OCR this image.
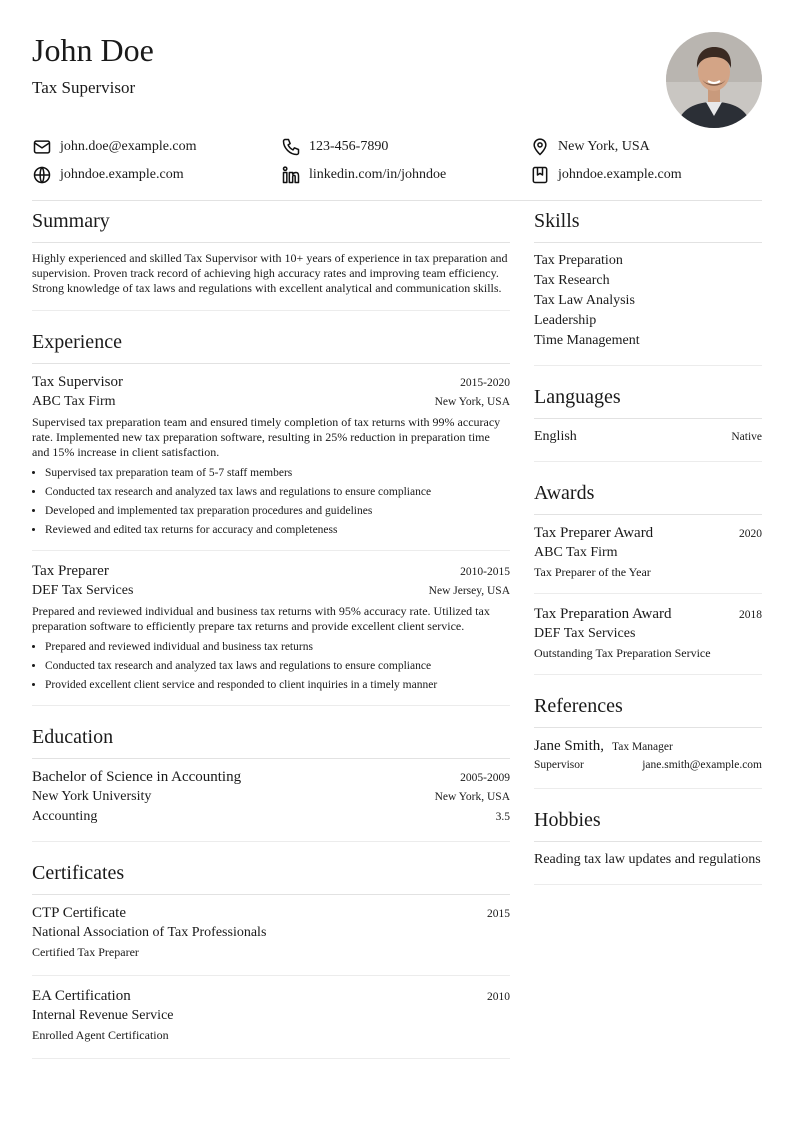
John Doe
Tax Supervisor
john.doe@example.com	123-456-7890	New York, USA
johndoe.example.com	linkedin.com/in/johndoe	johndoe.example.com
Summary

Highly experienced and skilled Tax Supervisor with 10+ years of experience in tax preparation and supervision. Proven track record of achieving high accuracy rates and improving team efficiency. Strong knowledge of tax laws and regulations with excellent analytical and communication skills.

Experience
Tax Supervisor	2015-2020
ABC Tax Firm	New York, USA

Supervised tax preparation team and ensured timely completion of tax returns with 99% accuracy rate. Implemented new tax preparation software, resulting in 25% reduction in preparation time and 15% increase in client satisfaction.

• Supervised tax preparation team of 5-7 staff members
• Conducted tax research and analyzed tax laws and regulations to ensure compliance
• Developed and implemented tax preparation procedures and guidelines
• Reviewed and edited tax returns for accuracy and completeness
Tax Preparer	2010-2015
DEF Tax Services	New Jersey, USA

Prepared and reviewed individual and business tax returns with 95% accuracy rate. Utilized tax preparation software to efficiently prepare tax returns and provide excellent client service.

• Prepared and reviewed individual and business tax returns
• Conducted tax research and analyzed tax laws and regulations to ensure compliance
• Provided excellent client service and responded to client inquiries in a timely manner
Education
Bachelor of Science in Accounting	2005-2009
New York University	New York, USA
Accounting	3.5
Certificates
CTP Certificate	2015
National Association of Tax Professionals
Certified Tax Preparer
EA Certification	2010
Internal Revenue Service
Enrolled Agent Certification
Skills
Tax Preparation
Tax Research
Tax Law Analysis
Leadership
Time Management
Languages
English	Native
Awards
Tax Preparer Award	2020
ABC Tax Firm
Tax Preparer of the Year
Tax Preparation Award	2018
DEF Tax Services
Outstanding Tax Preparation Service
References
Jane Smith, Tax Manager
Supervisor	jane.smith@example.com
Hobbies
Reading tax law updates and regulations
